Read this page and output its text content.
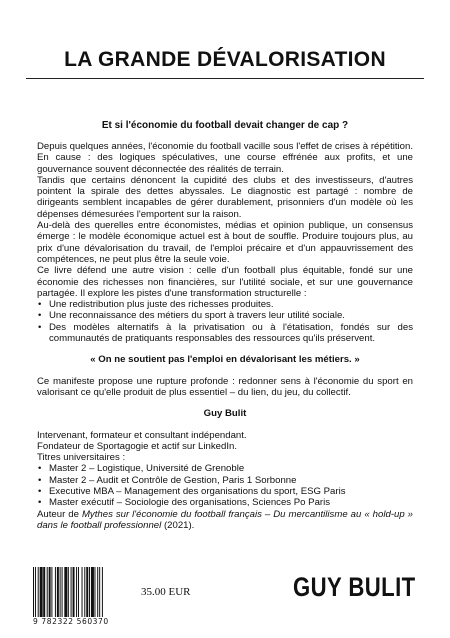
LA GRANDE DÉVALORISATION
Et si l'économie du football devait changer de cap ?

Depuis quelques années, l'économie du football vacille sous l'effet de crises à répétition. En cause : des logiques spéculatives, une course effrénée aux profits, et une gouvernance souvent déconnectée des réalités de terrain.

Tandis que certains dénoncent la cupidité des clubs et des investisseurs, d'autres pointent la spirale des dettes abyssales. Le diagnostic est partagé : nombre de dirigeants semblent incapables de gérer durablement, prisonniers d'un modèle où les dépenses démesurées l'emportent sur la raison.

Au-delà des querelles entre économistes, médias et opinion publique, un consensus émerge : le modèle économique actuel est à bout de souffle. Produire toujours plus, au prix d'une dévalorisation du travail, de l'emploi précaire et d'un appauvrissement des compétences, ne peut plus être la seule voie.

Ce livre défend une autre vision : celle d'un football plus équitable, fondé sur une économie des richesses non financières, sur l'utilité sociale, et sur une gouvernance partagée. Il explore les pistes d'une transformation structurelle :

• Une redistribution plus juste des richesses produites.
• Une reconnaissance des métiers du sport à travers leur utilité sociale.
• Des modèles alternatifs à la privatisation ou à l'étatisation, fondés sur des communautés de pratiquants responsables des ressources qu'ils préservent.

« On ne soutient pas l'emploi en dévalorisant les métiers. »

Ce manifeste propose une rupture profonde : redonner sens à l'économie du sport en valorisant ce qu'elle produit de plus essentiel – du lien, du jeu, du collectif.

Guy Bulit

Intervenant, formateur et consultant indépendant.

Fondateur de Sportagogie et actif sur LinkedIn.

Titres universitaires :

• Master 2 – Logistique, Université de Grenoble
• Master 2 – Audit et Contrôle de Gestion, Paris 1 Sorbonne
• Executive MBA – Management des organisations du sport, ESG Paris
• Master exécutif – Sociologie des organisations, Sciences Po Paris

Auteur de Mythes sur l'économie du football français – Du mercantilisme au « hold-up » dans le football professionnel (2021).

9 782322 560370
35.00 EUR	GUY BULIT
